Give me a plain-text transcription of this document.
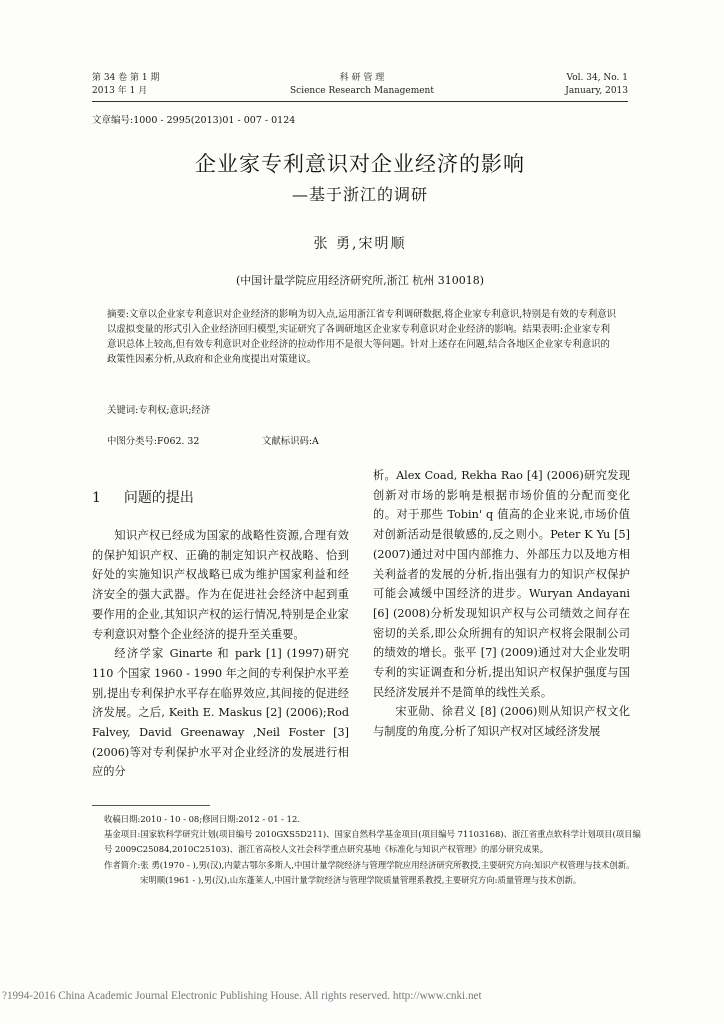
第 34 卷 第 1 期
2013 年 1 月
科 研 管 理
Science Research Management
Vol. 34, No. 1
January, 2013
文章编号:1000 - 2995(2013)01 - 007 - 0124
企业家专利意识对企业经济的影响
—基于浙江的调研
张 勇,宋明顺
(中国计量学院应用经济研究所,浙江 杭州 310018)

摘要:文章以企业家专利意识对企业经济的影响为切入点,运用浙江省专利调研数据,将企业家专利意识,特别是有效的专利意识以虚拟变量的形式引入企业经济回归模型,实证研究了各调研地区企业家专利意识对企业经济的影响。结果表明:企业家专利意识总体上较高,但有效专利意识对企业经济的拉动作用不是很大等问题。针对上述存在问题,结合各地区企业家专利意识的政策性因素分析,从政府和企业角度提出对策建议。

关键词:专利权;意识;经济
中图分类号:F062. 32	文献标识码:A
1 问题的提出

知识产权已经成为国家的战略性资源,合理有效的保护知识产权、正确的制定知识产权战略、恰到好处的实施知识产权战略已成为维护国家利益和经济安全的强大武器。作为在促进社会经济中起到重要作用的企业,其知识产权的运行情况,特别是企业家专利意识对整个企业经济的提升至关重要。

经济学家 Ginarte 和 park [1] (1997)研究 110 个国家 1960 - 1990 年之间的专利保护水平差别,提出专利保护水平存在临界效应,其间接的促进经济发展。之后, Keith E. Maskus [2] (2006);Rod Falvey, David Greenaway ,Neil Foster [3] (2006)等对专利保护水平对企业经济的发展进行相应的分

析。Alex Coad, Rekha Rao [4] (2006)研究发现创新对市场的影响是根据市场价值的分配而变化的。对于那些 Tobin' q 值高的企业来说,市场价值对创新活动是很敏感的,反之则小。Peter K Yu [5] (2007)通过对中国内部推力、外部压力以及地方相关利益者的发展的分析,指出强有力的知识产权保护可能会减缓中国经济的进步。Wuryan Andayani [6] (2008)分析发现知识产权与公司绩效之间存在密切的关系,即公众所拥有的知识产权将会限制公司的绩效的增长。张平 [7] (2009)通过对大企业发明专利的实证调查和分析,提出知识产权保护强度与国民经济发展并不是简单的线性关系。

宋亚勋、徐君义 [8] (2006)则从知识产权文化与制度的角度,分析了知识产权对区域经济发展

收稿日期:2010 - 10 - 08;修回日期:2012 - 01 - 12.

基金项目:国家软科学研究计划(项目编号 2010GXS5D211)、国家自然科学基金项目(项目编号 71103168)、浙江省重点软科学计划项目(项目编号 2009C25084,2010C25103)、浙江省高校人文社会科学重点研究基地《标准化与知识产权管理》的部分研究成果。

作者简介:张 勇(1970 - ),男(汉),内蒙古鄂尔多斯人,中国计量学院经济与管理学院应用经济研究所教授,主要研究方向:知识产权管理与技术创新。

宋明顺(1961 - ),男(汉),山东蓬莱人,中国计量学院经济与管理学院质量管理系教授,主要研究方向:质量管理与技术创新。

?1994-2016 China Academic Journal Electronic Publishing House. All rights reserved. http://www.cnki.net
